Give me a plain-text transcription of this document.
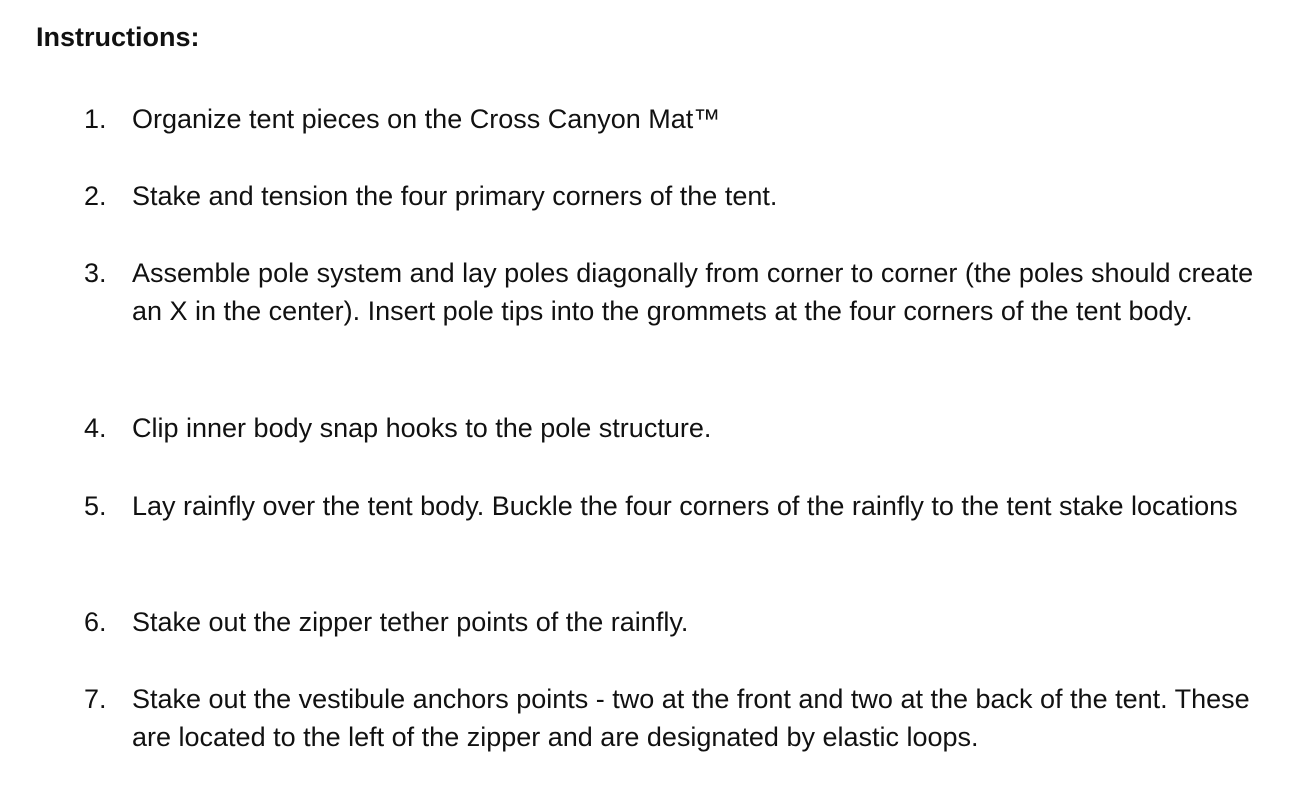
Instructions:
1. Organize tent pieces on the Cross Canyon Mat™
2. Stake and tension the four primary corners of the tent.
3. Assemble pole system and lay poles diagonally from corner to corner (the poles should create an X in the center). Insert pole tips into the grommets at the four corners of the tent body.
4. Clip inner body snap hooks to the pole structure.
5. Lay rainfly over the tent body. Buckle the four corners of the rainfly to the tent stake locations
6. Stake out the zipper tether points of the rainfly.
7. Stake out the vestibule anchors points - two at the front and two at the back of the tent. These are located to the left of the zipper and are designated by elastic loops.
